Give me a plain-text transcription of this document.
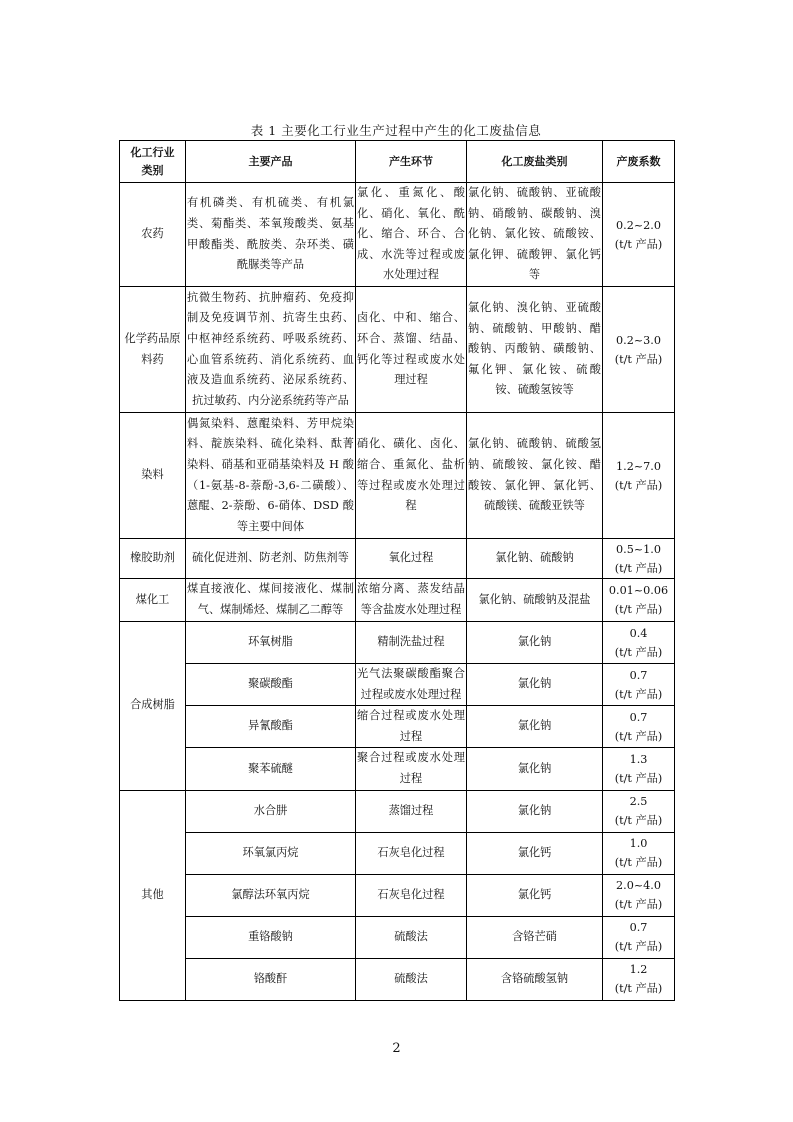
表 1 主要化工行业生产过程中产生的化工废盐信息
化工行业类别	主要产品	产生环节	化工废盐类别	产废系数
农药	有机磷类、有机硫类、有机氯类、菊酯类、苯氧羧酸类、氨基甲酸酯类、酰胺类、杂环类、磺酰脲类等产品	氯化、重氮化、酸化、硝化、氧化、酰化、缩合、环合、合成、水洗等过程或废水处理过程	氯化钠、硫酸钠、亚硫酸钠、硝酸钠、碳酸钠、溴化钠、氯化铵、硫酸铵、氯化钾、硫酸钾、氯化钙等	0.2~2.0
(t/t 产品)

化学药品原料药	抗微生物药、抗肿瘤药、免疫抑制及免疫调节剂、抗寄生虫药、中枢神经系统药、呼吸系统药、心血管系统药、消化系统药、血液及造血系统药、泌尿系统药、抗过敏药、内分泌系统药等产品	卤化、中和、缩合、环合、蒸馏、结晶、钙化等过程或废水处理过程	氯化钠、溴化钠、亚硫酸钠、硫酸钠、甲酸钠、醋酸钠、丙酸钠、磺酸钠、氟化钾、氯化铵、硫酸铵、硫酸氢铵等	0.2~3.0
(t/t 产品)

染料	偶氮染料、蒽醌染料、芳甲烷染料、靛族染料、硫化染料、酞菁染料、硝基和亚硝基染料及 H 酸（1-氨基-8-萘酚-3,6-二磺酸）、蒽醌、2-萘酚、6-硝体、DSD 酸等主要中间体	硝化、磺化、卤化、缩合、重氮化、盐析等过程或废水处理过程	氯化钠、硫酸钠、硫酸氢钠、硫酸铵、氯化铵、醋酸铵、氯化钾、氯化钙、硫酸镁、硫酸亚铁等	1.2~7.0
(t/t 产品)

橡胶助剂	硫化促进剂、防老剂、防焦剂等	氧化过程	氯化钠、硫酸钠	0.5~1.0
(t/t 产品)

煤化工	煤直接液化、煤间接液化、煤制气、煤制烯烃、煤制乙二醇等	浓缩分离、蒸发结晶等含盐废水处理过程	氯化钠、硫酸钠及混盐	0.01~0.06
(t/t 产品)

合成树脂	环氧树脂	精制洗盐过程	氯化钠	0.4
(t/t 产品)

	聚碳酸酯	光气法聚碳酸酯聚合过程或废水处理过程	氯化钠	0.7
(t/t 产品)

	异氰酸酯	缩合过程或废水处理过程	氯化钠	0.7
(t/t 产品)

	聚苯硫醚	聚合过程或废水处理过程	氯化钠	1.3
(t/t 产品)

其他	水合肼	蒸馏过程	氯化钠	2.5
(t/t 产品)

	环氧氯丙烷	石灰皂化过程	氯化钙	1.0
(t/t 产品)

	氯醇法环氧丙烷	石灰皂化过程	氯化钙	2.0~4.0
(t/t 产品)

	重铬酸钠	硫酸法	含铬芒硝	0.7
(t/t 产品)

	铬酸酐	硫酸法	含铬硫酸氢钠	1.2
(t/t 产品)
2
